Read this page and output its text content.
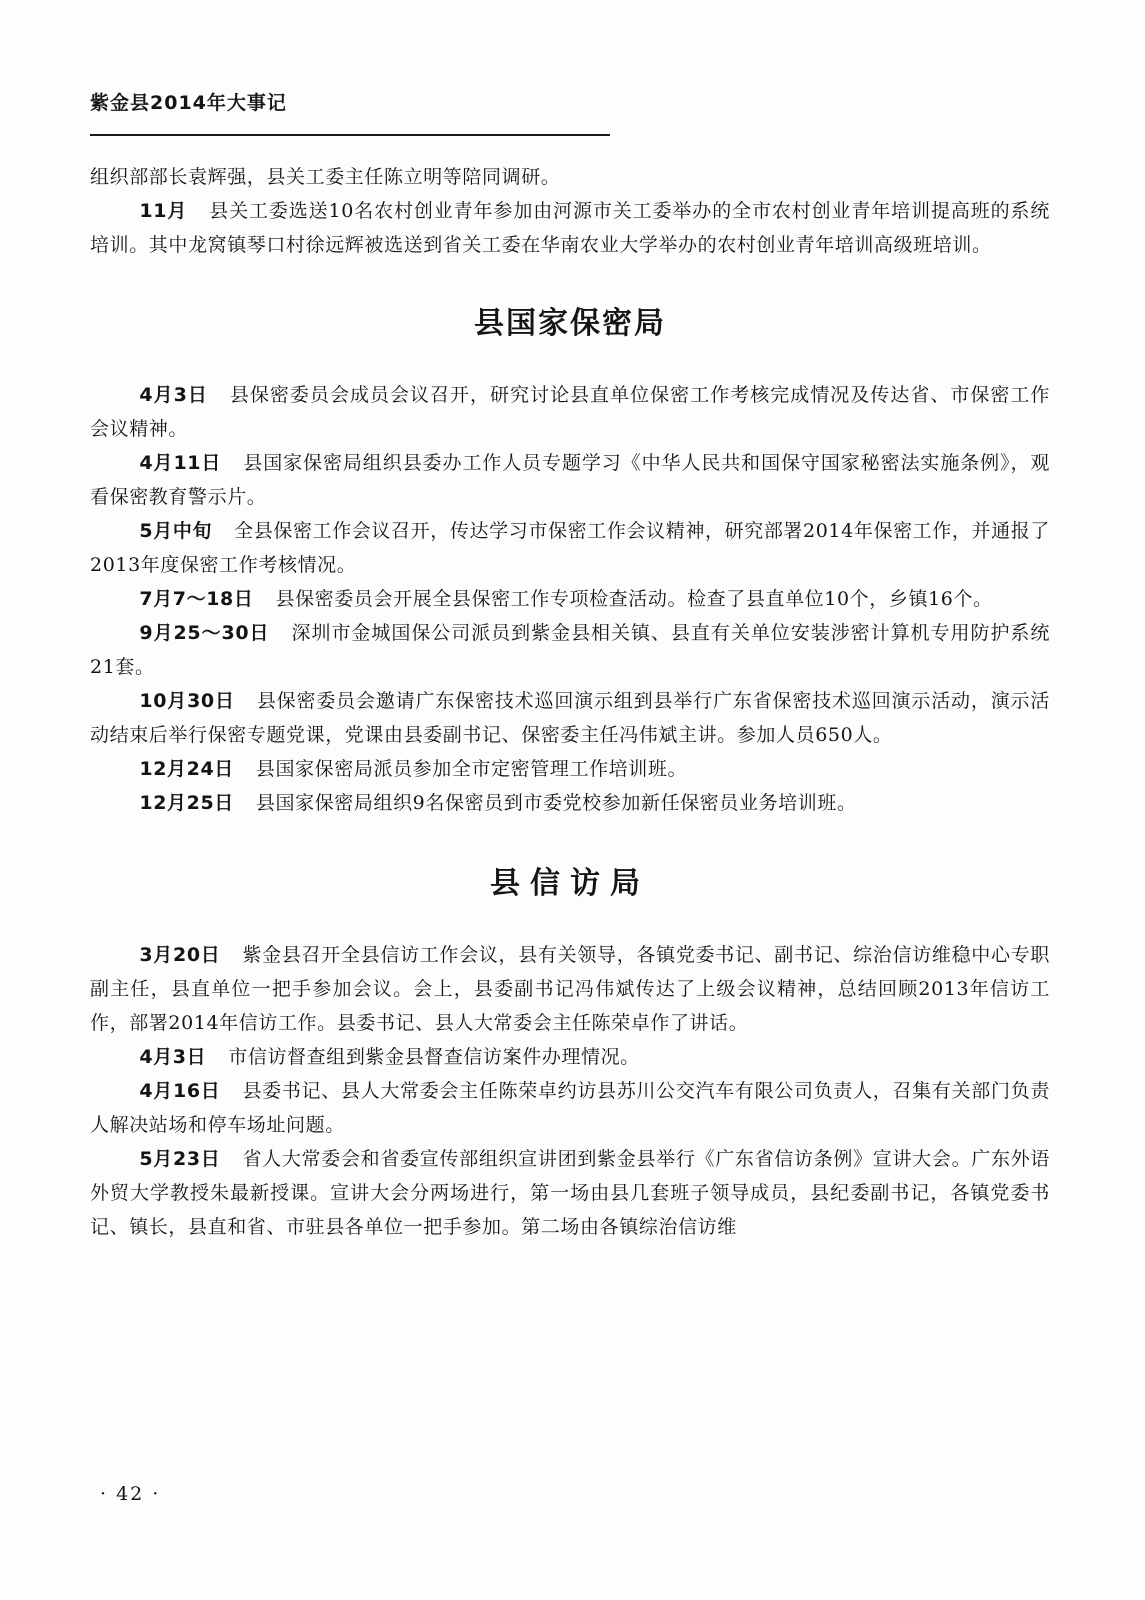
紫金县2014年大事记

组织部部长袁辉强，县关工委主任陈立明等陪同调研。

11月 县关工委选送10名农村创业青年参加由河源市关工委举办的全市农村创业青年培训提高班的系统培训。其中龙窝镇琴口村徐远辉被选送到省关工委在华南农业大学举办的农村创业青年培训高级班培训。

县国家保密局

4月3日 县保密委员会成员会议召开，研究讨论县直单位保密工作考核完成情况及传达省、市保密工作会议精神。

4月11日 县国家保密局组织县委办工作人员专题学习《中华人民共和国保守国家秘密法实施条例》，观看保密教育警示片。

5月中旬 全县保密工作会议召开，传达学习市保密工作会议精神，研究部署2014年保密工作，并通报了2013年度保密工作考核情况。

7月7～18日 县保密委员会开展全县保密工作专项检查活动。检查了县直单位10个，乡镇16个。

9月25～30日 深圳市金城国保公司派员到紫金县相关镇、县直有关单位安装涉密计算机专用防护系统21套。

10月30日 县保密委员会邀请广东保密技术巡回演示组到县举行广东省保密技术巡回演示活动，演示活动结束后举行保密专题党课，党课由县委副书记、保密委主任冯伟斌主讲。参加人员650人。

12月24日 县国家保密局派员参加全市定密管理工作培训班。

12月25日 县国家保密局组织9名保密员到市委党校参加新任保密员业务培训班。

县信访局

3月20日 紫金县召开全县信访工作会议，县有关领导，各镇党委书记、副书记、综治信访维稳中心专职副主任，县直单位一把手参加会议。会上，县委副书记冯伟斌传达了上级会议精神，总结回顾2013年信访工作，部署2014年信访工作。县委书记、县人大常委会主任陈荣卓作了讲话。

4月3日 市信访督查组到紫金县督查信访案件办理情况。

4月16日 县委书记、县人大常委会主任陈荣卓约访县苏川公交汽车有限公司负责人，召集有关部门负责人解决站场和停车场址问题。

5月23日 省人大常委会和省委宣传部组织宣讲团到紫金县举行《广东省信访条例》宣讲大会。广东外语外贸大学教授朱最新授课。宣讲大会分两场进行，第一场由县几套班子领导成员，县纪委副书记，各镇党委书记、镇长，县直和省、市驻县各单位一把手参加。第二场由各镇综治信访维

· 42 ·
